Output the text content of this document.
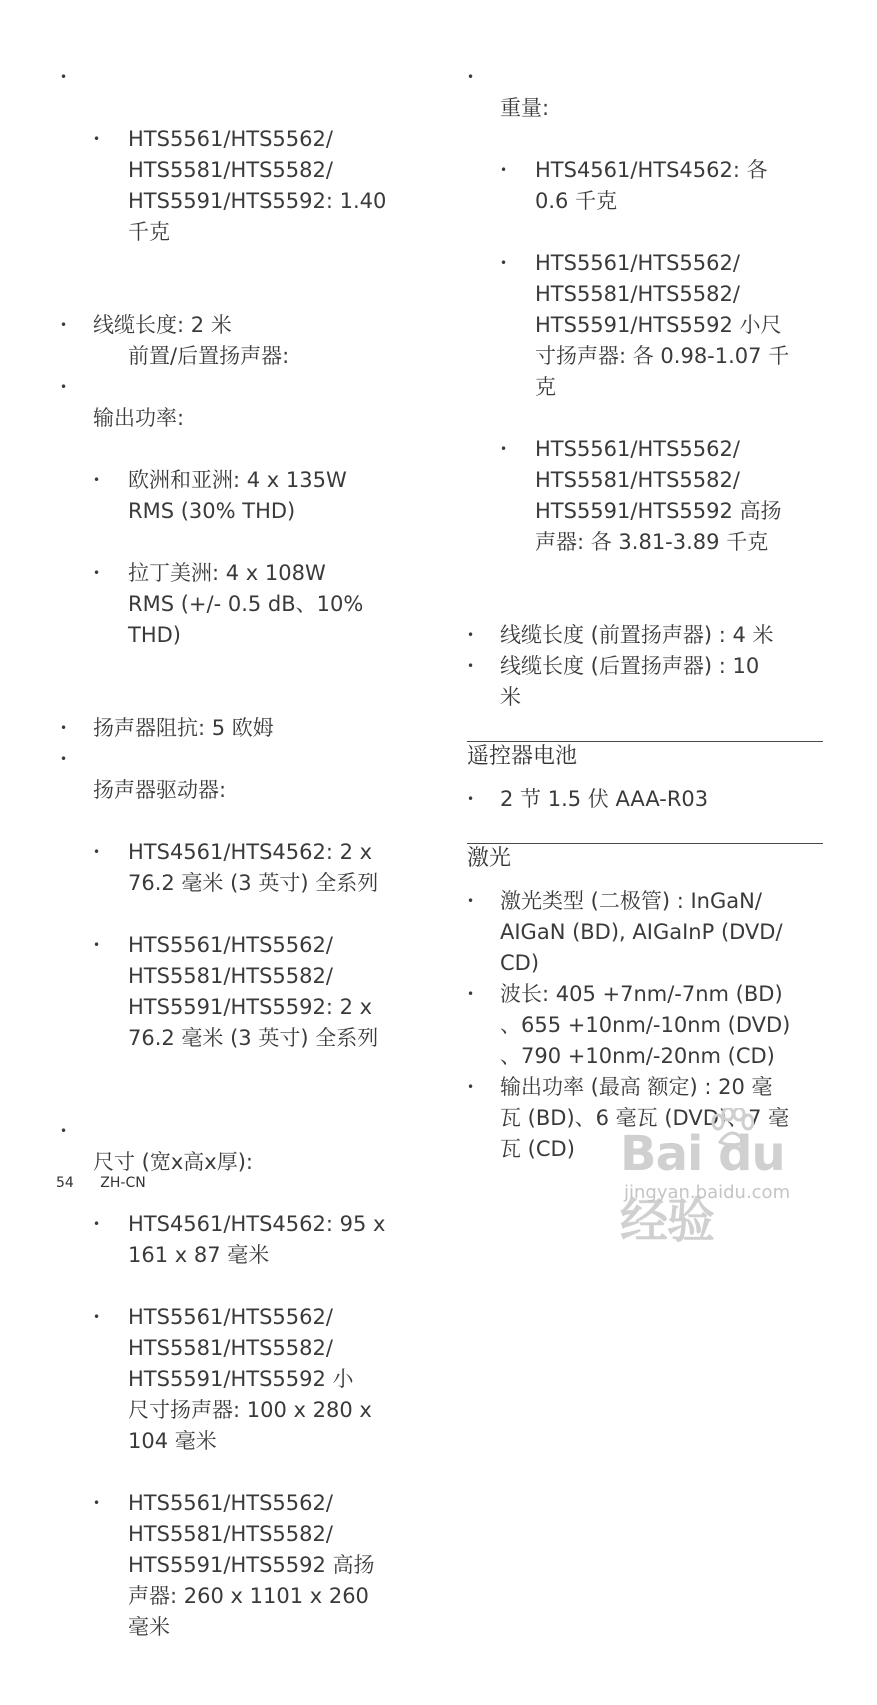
• • HTS5561/HTS5562/
HTS5581/HTS5582/
HTS5591/HTS5592: 1.40
千克

• 线缆长度: 2 米
前置/后置扬声器:

• 输出功率:

• 欧洲和亚洲: 4 x 135W
RMS (30% THD)

• 拉丁美洲: 4 x 108W
RMS (+/- 0.5 dB、10%
THD)

• 扬声器阻抗: 5 欧姆

• 扬声器驱动器:

• HTS4561/HTS4562: 2 x
76.2 毫米 (3 英寸) 全系列

• HTS5561/HTS5562/
HTS5581/HTS5582/
HTS5591/HTS5592: 2 x
76.2 毫米 (3 英寸) 全系列

• 尺寸 (宽x高x厚):

• HTS4561/HTS4562: 95 x
161 x 87 毫米

• HTS5561/HTS5562/
HTS5581/HTS5582/
HTS5591/HTS5592 小
尺寸扬声器: 100 x 280 x
104 毫米

• HTS5561/HTS5562/
HTS5581/HTS5582/
HTS5591/HTS5592 高扬
声器: 260 x 1101 x 260
毫米

• 重量:

• HTS4561/HTS4562: 各
0.6 千克

• HTS5561/HTS5562/
HTS5581/HTS5582/
HTS5591/HTS5592 小尺
寸扬声器: 各 0.98-1.07 千
克

• HTS5561/HTS5562/
HTS5581/HTS5582/
HTS5591/HTS5592 高扬
声器: 各 3.81-3.89 千克

• 线缆长度 (前置扬声器) : 4 米
• 线缆长度 (后置扬声器) : 10
米
遥控器电池
• 2 节 1.5 伏 AAA-R03
激光
• 激光类型 (二极管) : InGaN/
AIGaN (BD), AIGaInP (DVD/
CD)
• 波长: 405 +7nm/-7nm (BD)
、655 +10nm/-10nm (DVD)
、790 +10nm/-20nm (CD)
• 输出功率 (最高 额定) : 20 毫
瓦 (BD)、6 毫瓦 (DVD)、7 毫
瓦 (CD)
54 ZH-CN
Bai du 经验
jingyan.baidu.com
